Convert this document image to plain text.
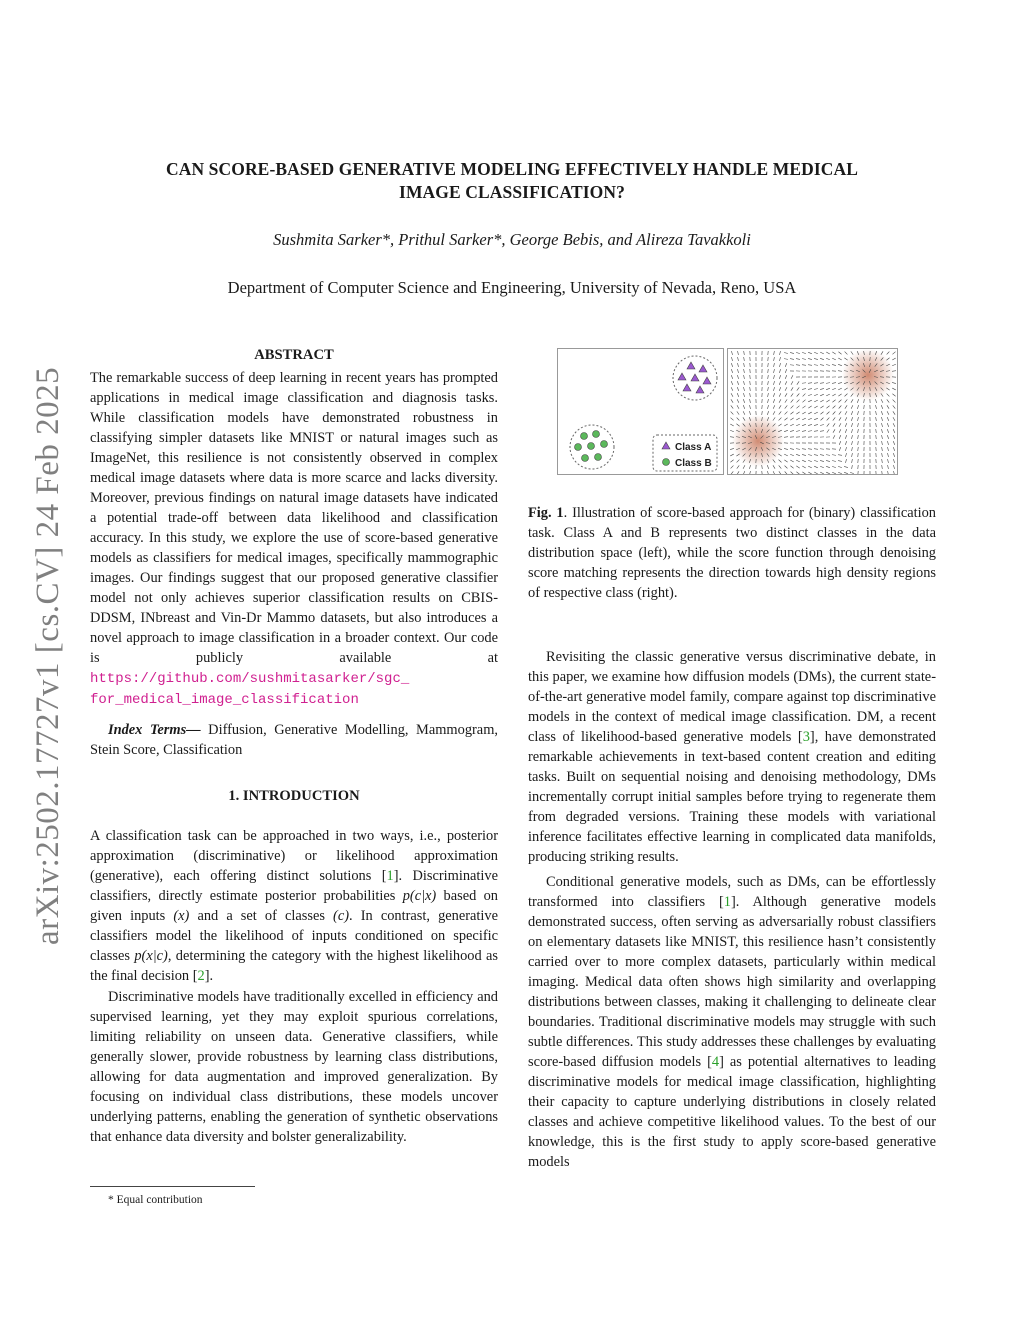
arXiv:2502.17727v1 [cs.CV] 24 Feb 2025
CAN SCORE-BASED GENERATIVE MODELING EFFECTIVELY HANDLE MEDICAL
IMAGE CLASSIFICATION?
Sushmita Sarker*, Prithul Sarker*, George Bebis, and Alireza Tavakkoli
Department of Computer Science and Engineering, University of Nevada, Reno, USA
ABSTRACT

The remarkable success of deep learning in recent years has prompted applications in medical image classification and diagnosis tasks. While classification models have demonstrated robustness in classifying simpler datasets like MNIST or natural images such as ImageNet, this resilience is not consistently observed in complex medical image datasets where data is more scarce and lacks diversity. Moreover, previous findings on natural image datasets have indicated a potential trade-off between data likelihood and classification accuracy. In this study, we explore the use of score-based generative models as classifiers for medical images, specifically mammographic images. Our findings suggest that our proposed generative classifier model not only achieves superior classification results on CBIS-DDSM, INbreast and Vin-Dr Mammo datasets, but also introduces a novel approach to image classification in a broader context. Our code is publicly available at https://github.com/sushmitasarker/sgc_ for_medical_image_classification

Index Terms— Diffusion, Generative Modelling, Mammogram, Stein Score, Classification

1. INTRODUCTION

A classification task can be approached in two ways, i.e., posterior approximation (discriminative) or likelihood approximation (generative), each offering distinct solutions [1]. Discriminative classifiers, directly estimate posterior probabilities p(c|x) based on given inputs (x) and a set of classes (c). In contrast, generative classifiers model the likelihood of inputs conditioned on specific classes p(x|c), determining the category with the highest likelihood as the final decision [2].

Discriminative models have traditionally excelled in efficiency and supervised learning, yet they may exploit spurious correlations, limiting reliability on unseen data. Generative classifiers, while generally slower, provide robustness by learning class distributions, allowing for data augmentation and improved generalization. By focusing on individual class distributions, these models uncover underlying patterns, enabling the generation of synthetic observations that enhance data diversity and bolster generalizability.

* Equal contribution
Class A
Class B
Fig. 1. Illustration of score-based approach for (binary) classification task. Class A and B represents two distinct classes in the data distribution space (left), while the score function through denoising score matching represents the direction towards high density regions of respective class (right).

Revisiting the classic generative versus discriminative debate, in this paper, we examine how diffusion models (DMs), the current state-of-the-art generative model family, compare against top discriminative models in the context of medical image classification. DM, a recent class of likelihood-based generative models [3], have demonstrated remarkable achievements in text-based content creation and editing tasks. Built on sequential noising and denoising methodology, DMs incrementally corrupt initial samples before trying to regenerate them from degraded versions. Training these models with variational inference facilitates effective learning in complicated data manifolds, producing striking results.

Conditional generative models, such as DMs, can be effortlessly transformed into classifiers [1]. Although generative models demonstrated success, often serving as adversarially robust classifiers on elementary datasets like MNIST, this resilience hasn’t consistently carried over to more complex datasets, particularly within medical imaging. Medical data often shows high similarity and overlapping distributions between classes, making it challenging to delineate clear boundaries. Traditional discriminative models may struggle with such subtle differences. This study addresses these challenges by evaluating score-based diffusion models [4] as potential alternatives to leading discriminative models for medical image classification, highlighting their capacity to capture underlying distributions in closely related classes and achieve competitive likelihood values. To the best of our knowledge, this is the first study to apply score-based generative models
